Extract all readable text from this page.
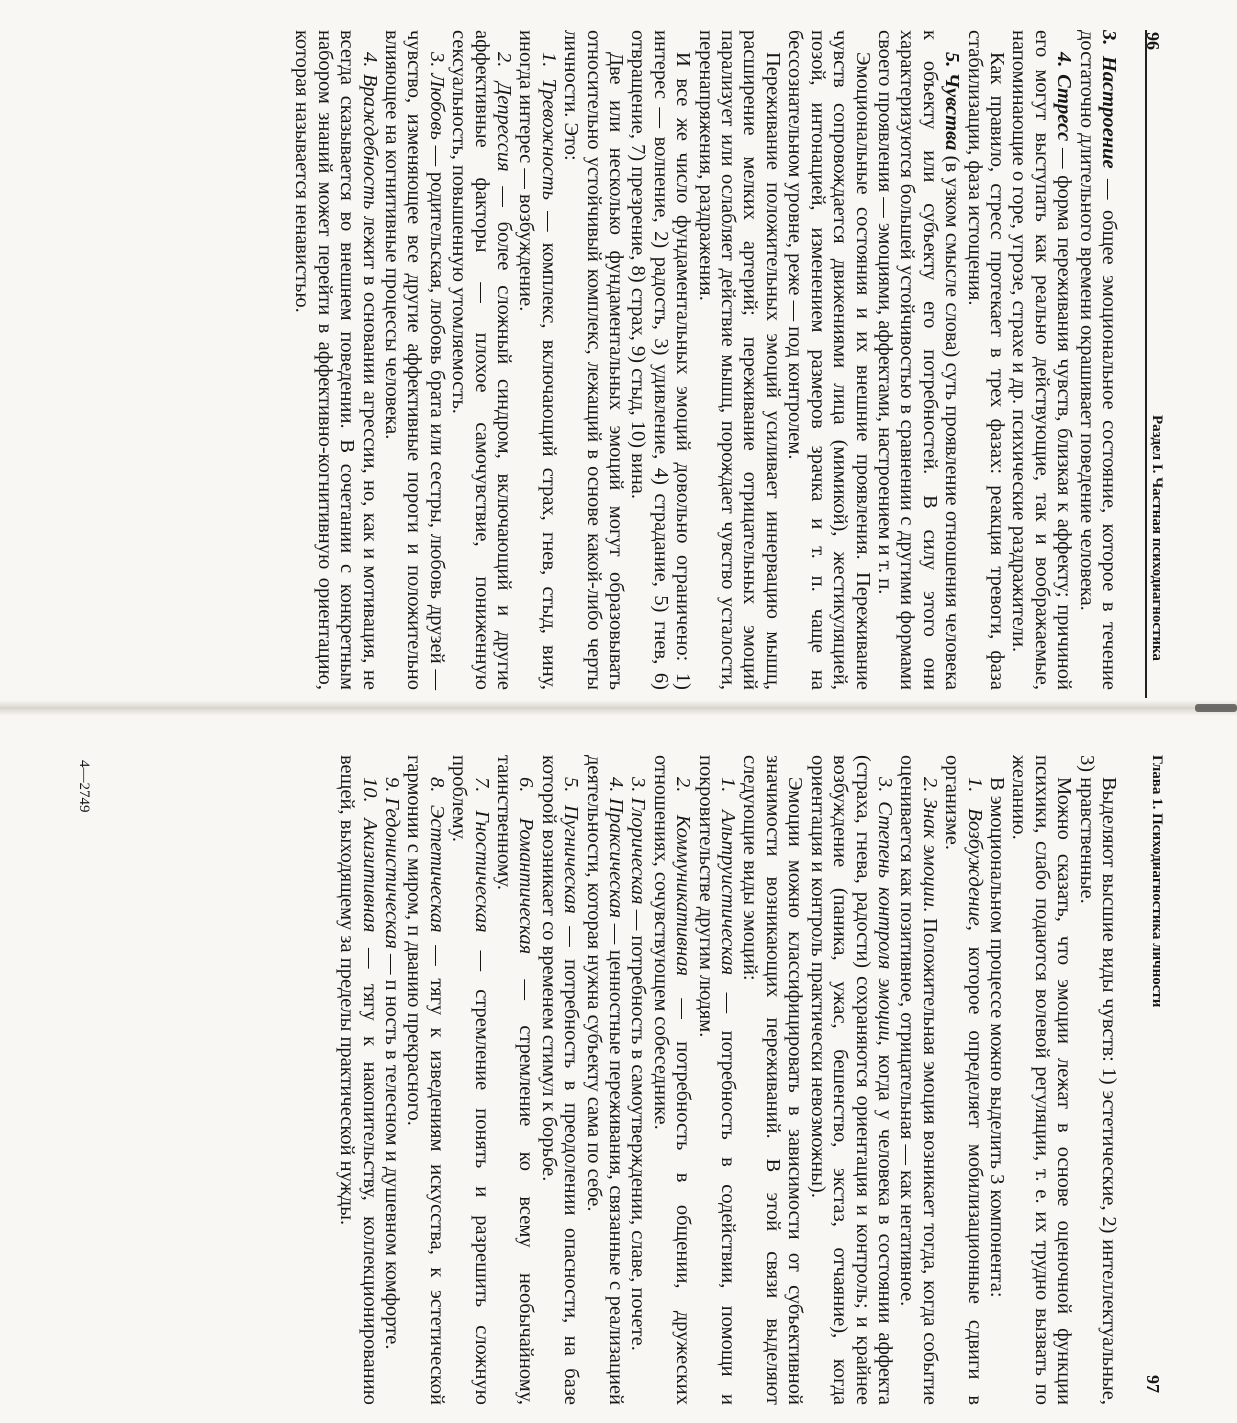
96
Раздел I. Частная психодиагностика

3. Настроение — общее эмоциональное состояние, которое в течение достаточно длительного времени окрашивает поведение человека.

4. Стресс — форма переживания чувств, близкая к аффекту; причиной его могут выступать как реально действующие, так и воображаемые, напоминающие о горе, угрозе, страхе и др. психические раздражители.

Как правило, стресс протекает в трех фазах: реакция тревоги, фаза стабилизации, фаза истощения.

5. Чувства (в узком смысле слова) суть проявление отношения человека к объекту или субъекту его потребностей. В силу этого они характеризуются большей устойчивостью в сравнении с другими формами своего проявления — эмоциями, аффектами, настроением и т. п.

Эмоциональные состояния и их внешние проявления. Переживание чувств сопровождается движениями лица (мимикой), жестикуляцией, позой, интонацией, изменением размеров зрачка и т. п. чаще на бессознательном уровне, реже — под контролем.

Переживание положительных эмоций усиливает иннервацию мышц, расширение мелких артерий; переживание отрицательных эмоций парализует или ослабляет действие мышц, порождает чувство усталости, перенапряжения, раздражения.

И все же число фундаментальных эмоций довольно ограничено: 1) интерес — волнение, 2) радость, 3) удивление, 4) страдание, 5) гнев, 6) отвращение, 7) презрение, 8) страх, 9) стыд, 10) вина.

Две или несколько фундаментальных эмоций могут образовывать относительно устойчивый комплекс, лежащий в основе какой-либо черты личности. Это:

1. Тревожность — комплекс, включающий страх, гнев, стыд, вину, иногда интерес — возбуждение.

2. Депрессия — более сложный синдром, включающий и другие аффективные факторы — плохое самочувствие, пониженную сексуальность, повышенную утомляемость.

3. Любовь — родительская, любовь брата или сестры, любовь друзей — чувство, изменяющее все другие аффективные пороги и положительно влияющее на когнитивные процессы человека.

4. Враждебность лежит в основании агрессии, но, как и мотивация, не всегда сказывается во внешнем поведении. В сочетании с конкретным набором знаний может перейти в аффективно-когнитивную ориентацию, которая называется ненавистью.

Глава 1. Психодиагностика личности
97

Выделяют высшие виды чувств: 1) эстетические, 2) интеллектуальные, 3) нравственные.

Можно сказать, что эмоции лежат в основе оценочной функции психики, слабо подаются волевой регуляции, т. е. их трудно вызвать по желанию.

В эмоциональном процессе можно выделить 3 компонента:

1. Возбуждение, которое определяет мобилизационные сдвиги в организме.

2. Знак эмоции. Положительная эмоция возникает тогда, когда событие оценивается как позитивное, отрицательная — как негативное.

3. Степень контроля эмоции, когда у человека в состоянии аффекта (страха, гнева, радости) сохраняются ориентация и контроль; и крайнее возбуждение (паника, ужас, бешенство, экстаз, отчаяние), когда ориентация и контроль практически невозможны).

Эмоции можно классифицировать в зависимости от субъективной значимости возникающих переживаний. В этой связи выделяют следующие виды эмоций:

1. Альтруистическая — потребность в содействии, помощи и покровительстве другим людям.

2. Коммуникативная — потребность в общении, дружеских отношениях, сочувствующем собеседнике.

3. Глорическая — потребность в самоутверждении, славе, почете.

4. Праксическая — ценностные переживания, связанные с реализацией деятельности, которая нужна субъекту сама по себе.

5. Пугническая — потребность в преодолении опасности, на базе которой возникает со временем стимул к борьбе.

6. Романтическая — стремление ко всему необычайному, таинственному.

7. Гностическая — стремление понять и разрешить сложную проблему.

8. Эстетическая — тягу к изведениям искусства, к эстетической гармонии с миром, п дванию прекрасного.

9. Гедонистическая — п ность в телесном и душевном комфорте.

10. Акизитивная — тягу к накопительству, коллекционированию вещей, выходящему за пределы практической нужды.

4—2749
